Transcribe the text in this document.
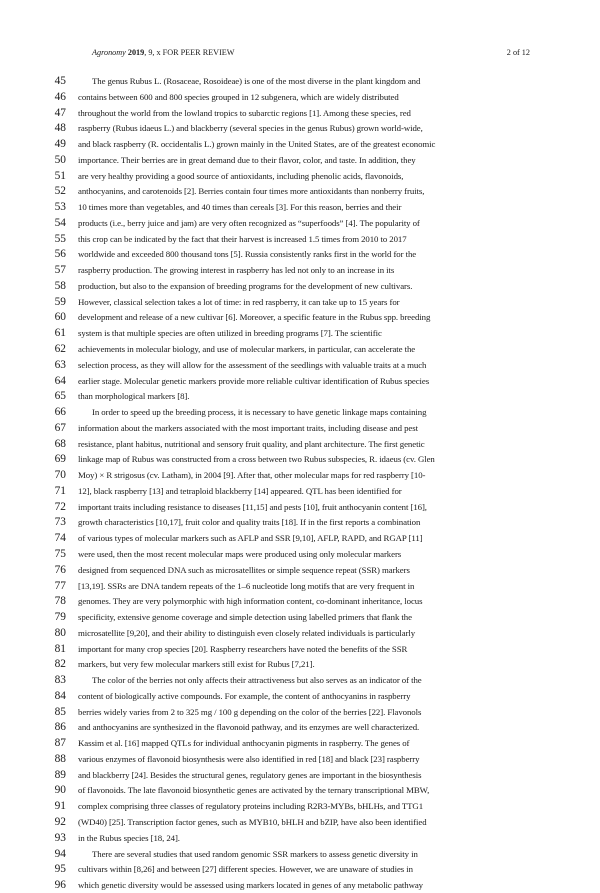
Agronomy 2019, 9, x FOR PEER REVIEW	2 of 12
45	The genus Rubus L. (Rosaceae, Rosoideae) is one of the most diverse in the plant kingdom and
46 contains between 600 and 800 species grouped in 12 subgenera, which are widely distributed
47 throughout the world from the lowland tropics to subarctic regions [1]. Among these species, red
48 raspberry (Rubus idaeus L.) and blackberry (several species in the genus Rubus) grown world-wide,
49 and black raspberry (R. occidentalis L.) grown mainly in the United States, are of the greatest economic
50 importance. Their berries are in great demand due to their flavor, color, and taste. In addition, they
51 are very healthy providing a good source of antioxidants, including phenolic acids, flavonoids,
52 anthocyanins, and carotenoids [2]. Berries contain four times more antioxidants than nonberry fruits,
53 10 times more than vegetables, and 40 times than cereals [3]. For this reason, berries and their
54 products (i.e., berry juice and jam) are very often recognized as “superfoods” [4]. The popularity of
55 this crop can be indicated by the fact that their harvest is increased 1.5 times from 2010 to 2017
56 worldwide and exceeded 800 thousand tons [5]. Russia consistently ranks first in the world for the
57 raspberry production. The growing interest in raspberry has led not only to an increase in its
58 production, but also to the expansion of breeding programs for the development of new cultivars.
59 However, classical selection takes a lot of time: in red raspberry, it can take up to 15 years for
60 development and release of a new cultivar [6]. Moreover, a specific feature in the Rubus spp. breeding
61 system is that multiple species are often utilized in breeding programs [7]. The scientific
62 achievements in molecular biology, and use of molecular markers, in particular, can accelerate the
63 selection process, as they will allow for the assessment of the seedlings with valuable traits at a much
64 earlier stage. Molecular genetic markers provide more reliable cultivar identification of Rubus species
65 than morphological markers [8].
66	In order to speed up the breeding process, it is necessary to have genetic linkage maps containing
67 information about the markers associated with the most important traits, including disease and pest
68 resistance, plant habitus, nutritional and sensory fruit quality, and plant architecture. The first genetic
69 linkage map of Rubus was constructed from a cross between two Rubus subspecies, R. idaeus (cv. Glen
70 Moy) × R strigosus (cv. Latham), in 2004 [9]. After that, other molecular maps for red raspberry [10-
71 12], black raspberry [13] and tetraploid blackberry [14] appeared. QTL has been identified for
72 important traits including resistance to diseases [11,15] and pests [10], fruit anthocyanin content [16],
73 growth characteristics [10,17], fruit color and quality traits [18]. If in the first reports a combination
74 of various types of molecular markers such as AFLP and SSR [9,10], AFLP, RAPD, and RGAP [11]
75 were used, then the most recent molecular maps were produced using only molecular markers
76 designed from sequenced DNA such as microsatellites or simple sequence repeat (SSR) markers
77 [13,19]. SSRs are DNA tandem repeats of the 1–6 nucleotide long motifs that are very frequent in
78 genomes. They are very polymorphic with high information content, co-dominant inheritance, locus
79 specificity, extensive genome coverage and simple detection using labelled primers that flank the
80 microsatellite [9,20], and their ability to distinguish even closely related individuals is particularly
81 important for many crop species [20]. Raspberry researchers have noted the benefits of the SSR
82 markers, but very few molecular markers still exist for Rubus [7,21].
83	The color of the berries not only affects their attractiveness but also serves as an indicator of the
84 content of biologically active compounds. For example, the content of anthocyanins in raspberry
85 berries widely varies from 2 to 325 mg / 100 g depending on the color of the berries [22]. Flavonols
86 and anthocyanins are synthesized in the flavonoid pathway, and its enzymes are well characterized.
87 Kassim et al. [16] mapped QTLs for individual anthocyanin pigments in raspberry. The genes of
88 various enzymes of flavonoid biosynthesis were also identified in red [18] and black [23] raspberry
89 and blackberry [24]. Besides the structural genes, regulatory genes are important in the biosynthesis
90 of flavonoids. The late flavonoid biosynthetic genes are activated by the ternary transcriptional MBW,
91 complex comprising three classes of regulatory proteins including R2R3-MYBs, bHLHs, and TTG1
92 (WD40) [25]. Transcription factor genes, such as MYB10, bHLH and bZIP, have also been identified
93 in the Rubus species [18, 24].
94	There are several studies that used random genomic SSR markers to assess genetic diversity in
95 cultivars within [8,26] and between [27] different species. However, we are unaware of studies in
96 which genetic diversity would be assessed using markers located in genes of any metabolic pathway
